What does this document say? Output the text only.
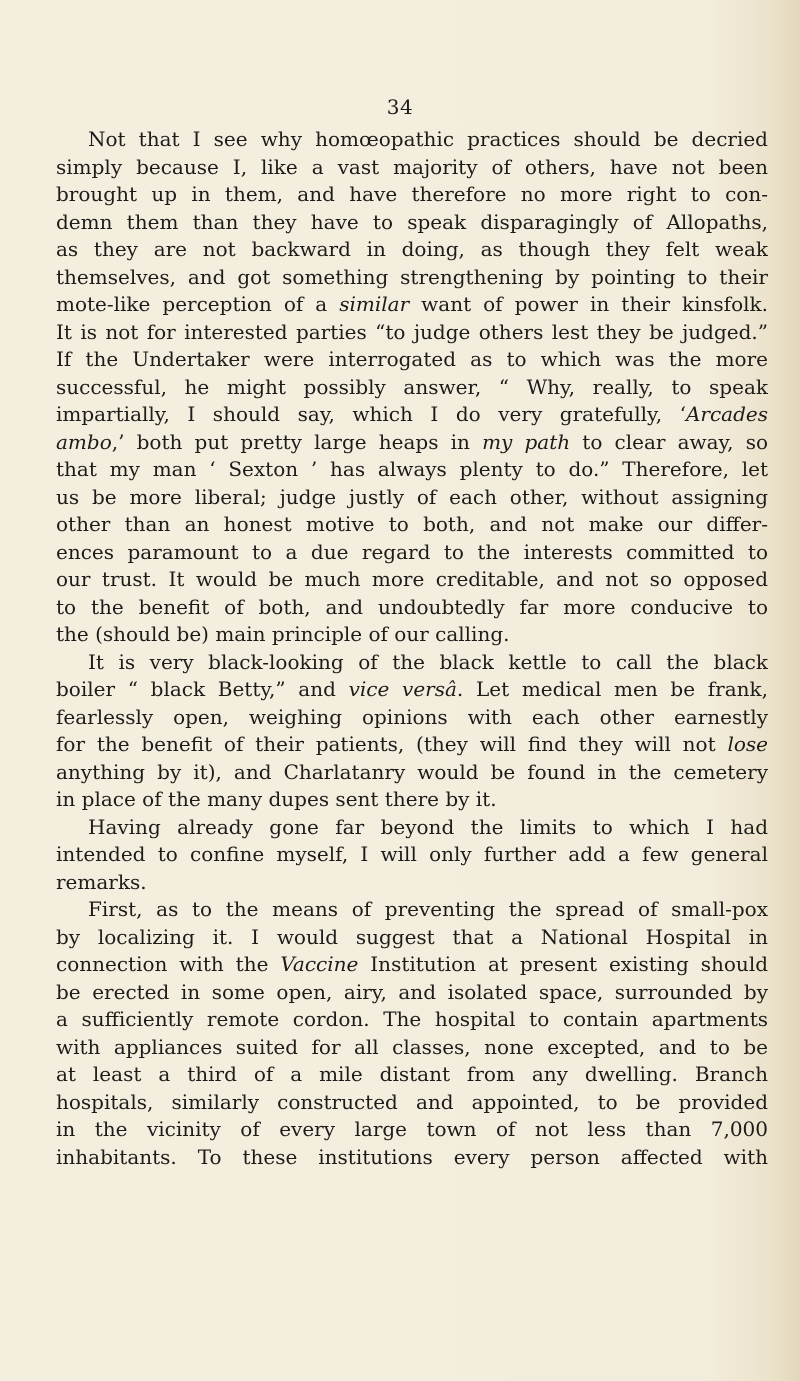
34
Not that I see why homœopathic practices should be decried
simply because I, like a vast majority of others, have not been
brought up in them, and have therefore no more right to con-
demn them than they have to speak disparagingly of Allopaths,
as they are not backward in doing, as though they felt weak
themselves, and got something strengthening by pointing to their
mote-like perception of a similar want of power in their kinsfolk.
It is not for interested parties “to judge others lest they be judged.”
If the Undertaker were interrogated as to which was the more
successful, he might possibly answer, “ Why, really, to speak
impartially, I should say, which I do very gratefully, ‘Arcades
ambo,’ both put pretty large heaps in my path to clear away, so
that my man ‘ Sexton ’ has always plenty to do.” Therefore, let
us be more liberal; judge justly of each other, without assigning
other than an honest motive to both, and not make our differ-
ences paramount to a due regard to the interests committed to
our trust. It would be much more creditable, and not so opposed
to the benefit of both, and undoubtedly far more conducive to
the (should be) main principle of our calling.
It is very black-looking of the black kettle to call the black
boiler “ black Betty,” and vice versâ. Let medical men be frank,
fearlessly open, weighing opinions with each other earnestly
for the benefit of their patients, (they will find they will not lose
anything by it), and Charlatanry would be found in the cemetery
in place of the many dupes sent there by it.
Having already gone far beyond the limits to which I had
intended to confine myself, I will only further add a few general
remarks.
First, as to the means of preventing the spread of small-pox
by localizing it. I would suggest that a National Hospital in
connection with the Vaccine Institution at present existing should
be erected in some open, airy, and isolated space, surrounded by
a sufficiently remote cordon. The hospital to contain apartments
with appliances suited for all classes, none excepted, and to be
at least a third of a mile distant from any dwelling. Branch
hospitals, similarly constructed and appointed, to be provided
in the vicinity of every large town of not less than 7,000
inhabitants. To these institutions every person affected with
